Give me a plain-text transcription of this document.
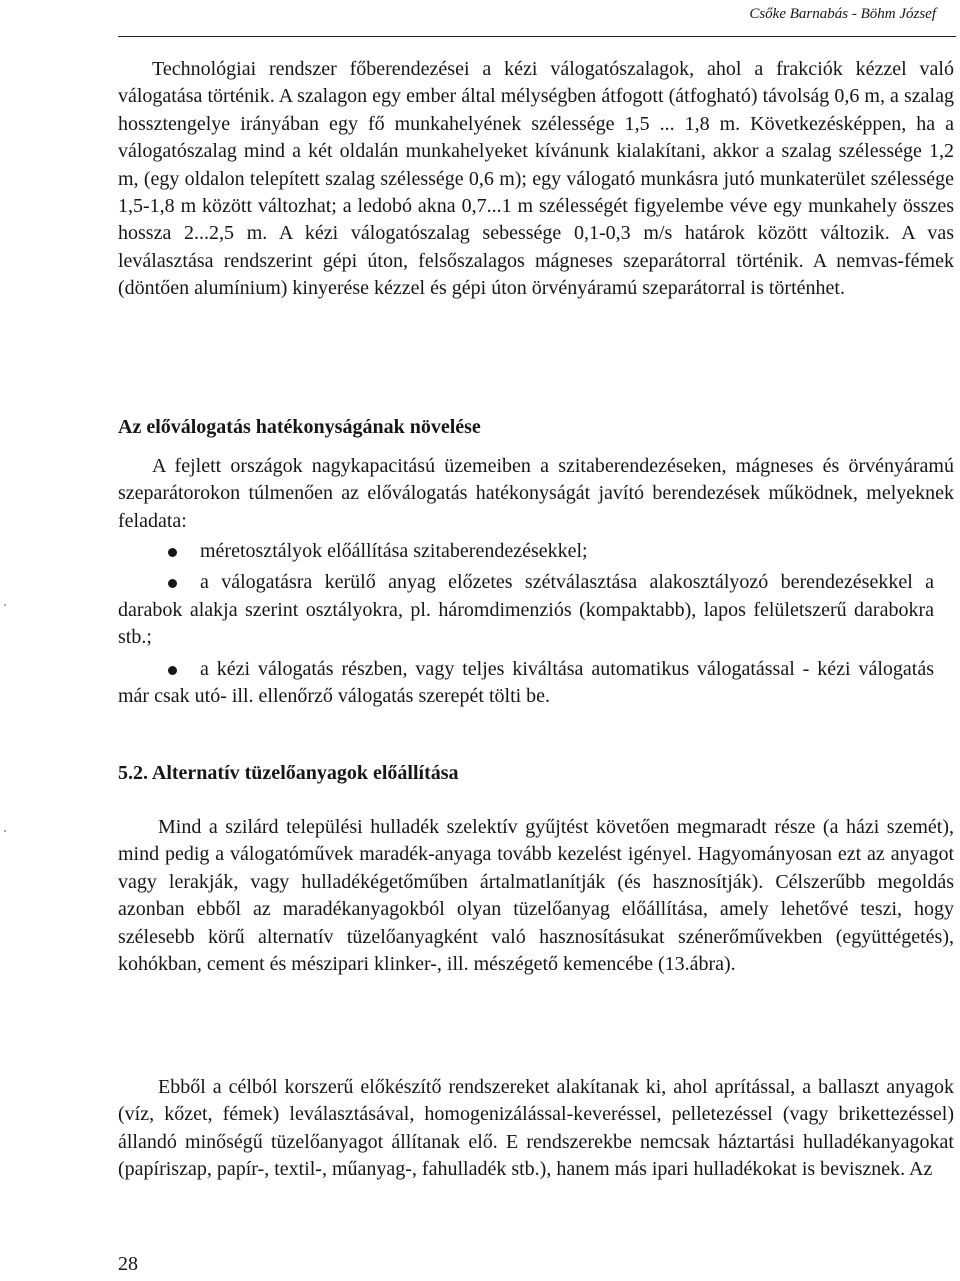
Csőke Barnabás - Böhm József

Technológiai rendszer főberendezései a kézi válogatószalagok, ahol a frakciók kézzel való válogatása történik. A szalagon egy ember által mélységben átfogott (átfogható) távolság 0,6 m, a szalag hossztengelye irányában egy fő munkahelyének szélessége 1,5 ... 1,8 m. Következésképpen, ha a válogatószalag mind a két oldalán munkahelyeket kívánunk kialakítani, akkor a szalag szélessége 1,2 m, (egy oldalon telepített szalag szélessége 0,6 m); egy válogató munkásra jutó munkaterület szélessége 1,5-1,8 m között változhat; a ledobó akna 0,7...1 m szélességét figyelembe véve egy munkahely összes hossza 2...2,5 m. A kézi válogatószalag sebessége 0,1-0,3 m/s határok között változik. A vas leválasztása rendszerint gépi úton, felsőszalagos mágneses szeparátorral történik. A nemvas-fémek (döntően alumínium) kinyerése kézzel és gépi úton örvényáramú szeparátorral is történhet.

Az előválogatás hatékonyságának növelése

A fejlett országok nagykapacitású üzemeiben a szitaberendezéseken, mágneses és örvényáramú szeparátorokon túlmenően az előválogatás hatékonyságát javító berendezések működnek, melyeknek feladata:

méretosztályok előállítása szitaberendezésekkel;
a válogatásra kerülő anyag előzetes szétválasztása alakosztályozó berendezésekkel a darabok alakja szerint osztályokra, pl. háromdimenziós (kompaktabb), lapos felületszerű darabokra stb.;
a kézi válogatás részben, vagy teljes kiváltása automatikus válogatással - kézi válogatás már csak utó- ill. ellenőrző válogatás szerepét tölti be.
5.2. Alternatív tüzelőanyagok előállítása

Mind a szilárd települési hulladék szelektív gyűjtést követően megmaradt része (a házi szemét), mind pedig a válogatóművek maradék-anyaga tovább kezelést igényel. Hagyományosan ezt az anyagot vagy lerakják, vagy hulladékégetőműben ártalmatlanítják (és hasznosítják). Célszerűbb megoldás azonban ebből az maradékanyagokból olyan tüzelőanyag előállítása, amely lehetővé teszi, hogy szélesebb körű alternatív tüzelőanyagként való hasznosításukat szénerőművekben (együttégetés), kohókban, cement és mészipari klinker-, ill. mészégető kemencébe (13.ábra).

Ebből a célból korszerű előkészítő rendszereket alakítanak ki, ahol aprítással, a ballaszt anyagok (víz, kőzet, fémek) leválasztásával, homogenizálással-keveréssel, pelletezéssel (vagy brikettezéssel) állandó minőségű tüzelőanyagot állítanak elő. E rendszerekbe nemcsak háztartási hulladékanyagokat (papíriszap, papír-, textil-, műanyag-, fahulladék stb.), hanem más ipari hulladékokat is bevisznek. Az

28
